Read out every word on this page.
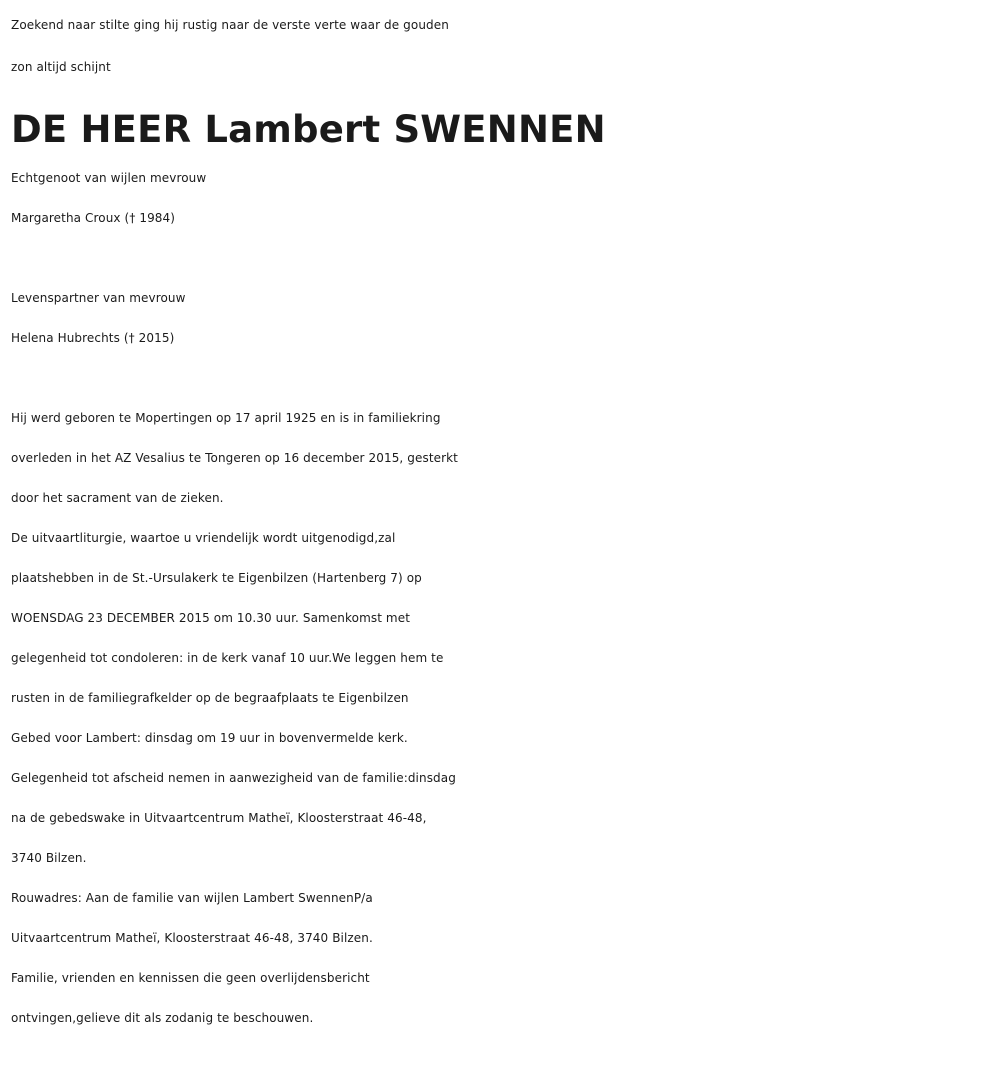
Zoekend naar stilte ging hij rustig naar de verste verte waar de gouden
zon altijd schijnt
DE HEER Lambert SWENNEN
Echtgenoot van wijlen mevrouw
Margaretha Croux († 1984)
Levenspartner van mevrouw
Helena Hubrechts († 2015)
Hij werd geboren te Mopertingen op 17 april 1925 en is in familiekring
overleden in het AZ Vesalius te Tongeren op 16 december 2015, gesterkt
door het sacrament van de zieken.
De uitvaartliturgie, waartoe u vriendelijk wordt uitgenodigd,zal
plaatshebben in de St.-Ursulakerk te Eigenbilzen (Hartenberg 7) op
WOENSDAG 23 DECEMBER 2015 om 10.30 uur. Samenkomst met
gelegenheid tot condoleren: in de kerk vanaf 10 uur.We leggen hem te
rusten in de familiegrafkelder op de begraafplaats te Eigenbilzen
Gebed voor Lambert: dinsdag om 19 uur in bovenvermelde kerk.
Gelegenheid tot afscheid nemen in aanwezigheid van de familie:dinsdag
na de gebedswake in Uitvaartcentrum Matheï, Kloosterstraat 46-48,
3740 Bilzen.
Rouwadres: Aan de familie van wijlen Lambert SwennenP/a
Uitvaartcentrum Matheï, Kloosterstraat 46-48, 3740 Bilzen.
Familie, vrienden en kennissen die geen overlijdensbericht
ontvingen,gelieve dit als zodanig te beschouwen.
